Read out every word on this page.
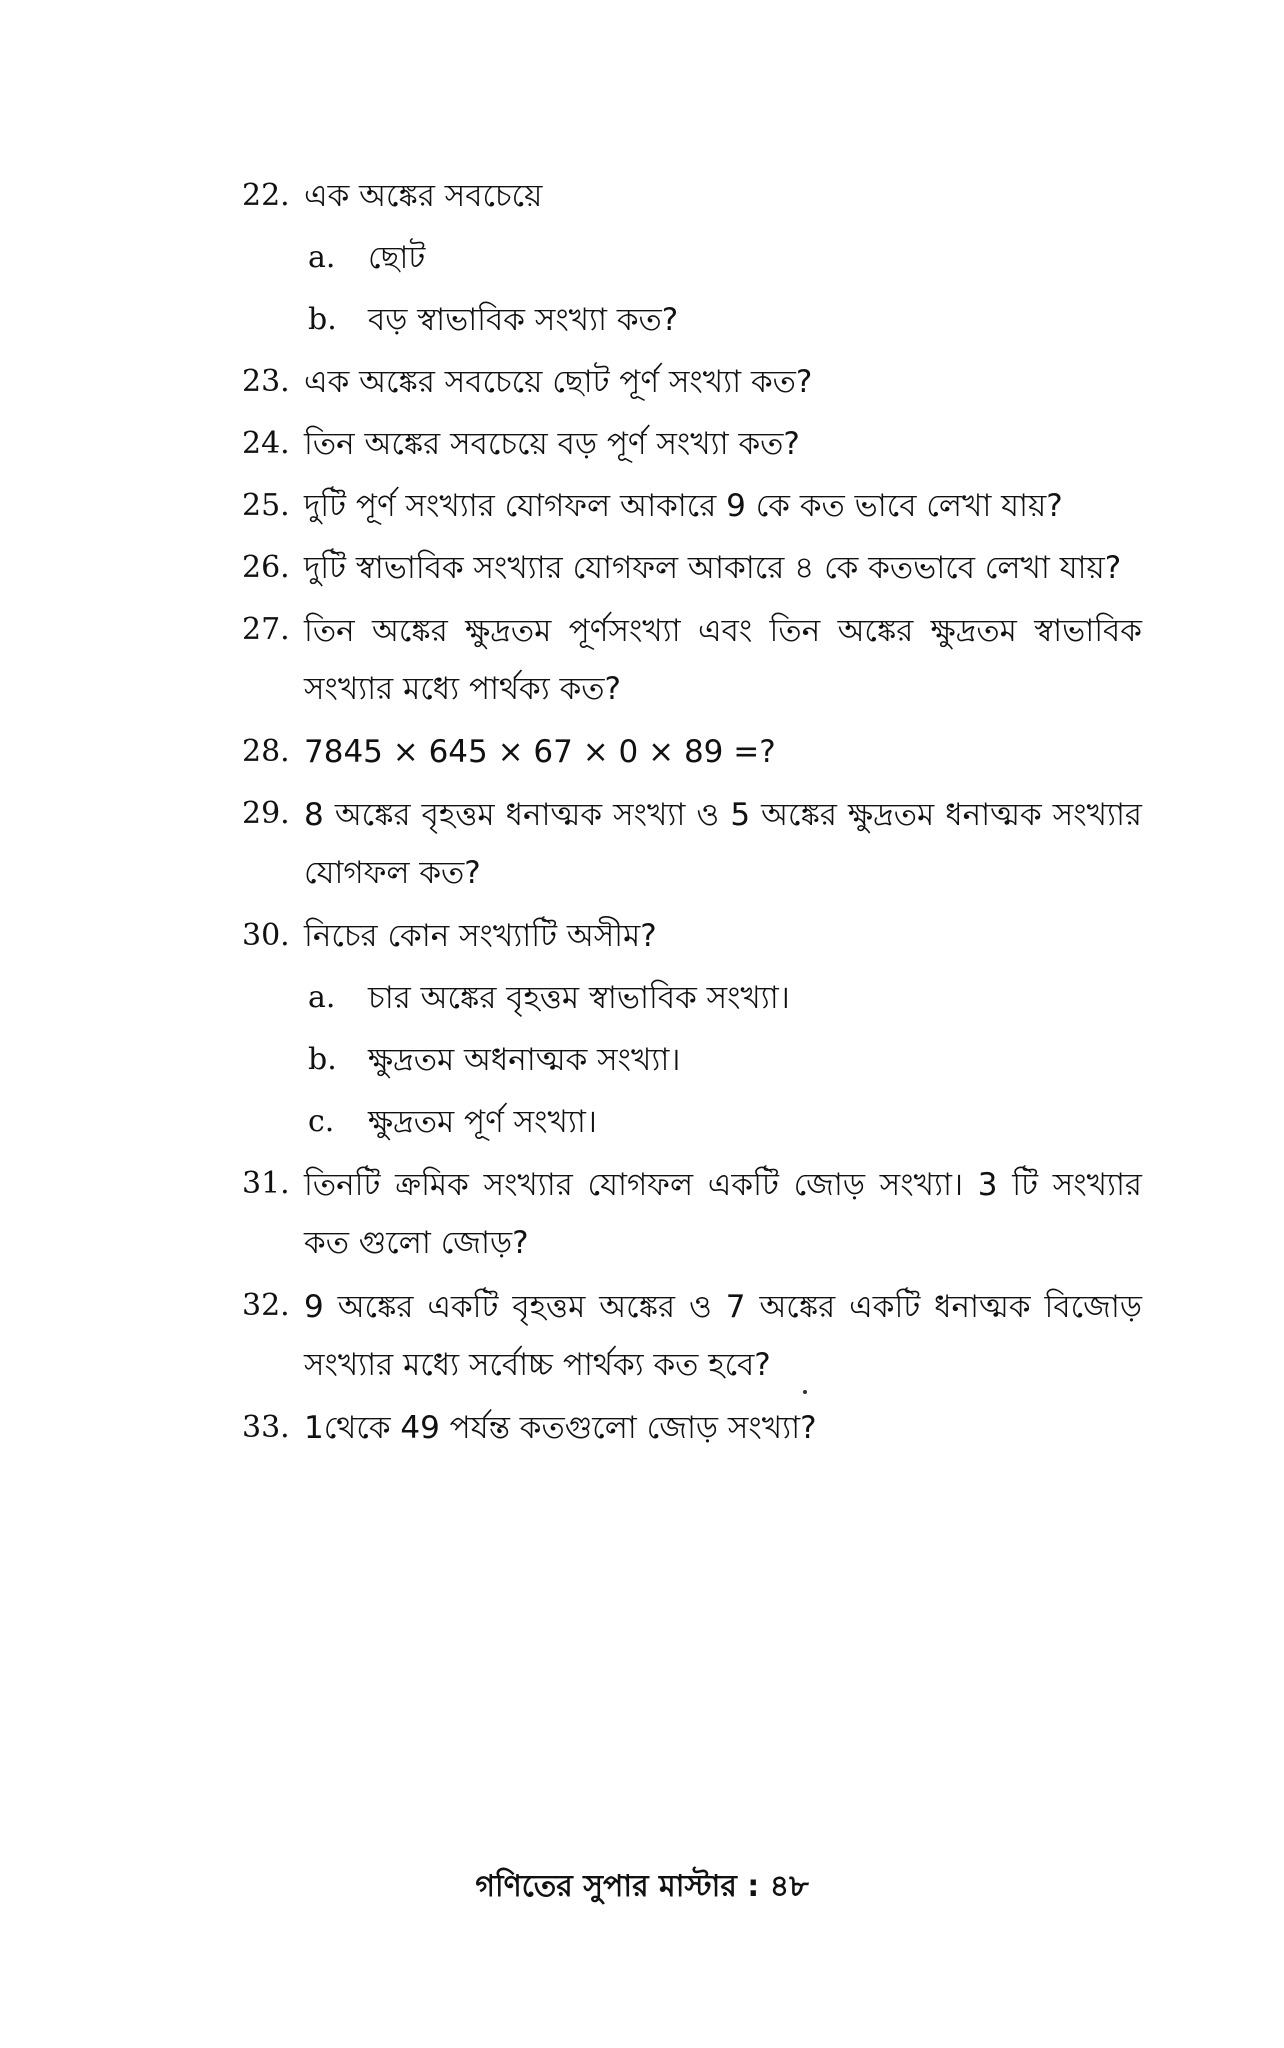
22. এক অঙ্কের সবচেয়ে
a. ছোট
b. বড় স্বাভাবিক সংখ্যা কত?
23. এক অঙ্কের সবচেয়ে ছোট পূর্ণ সংখ্যা কত?
24. তিন অঙ্কের সবচেয়ে বড় পূর্ণ সংখ্যা কত?
25. দুটি পূর্ণ সংখ্যার যোগফল আকারে 9 কে কত ভাবে লেখা যায়?
26. দুটি স্বাভাবিক সংখ্যার যোগফল আকারে ৪ কে কতভাবে লেখা যায়?
27. তিন অঙ্কের ক্ষুদ্রতম পূর্ণসংখ্যা এবং তিন অঙ্কের ক্ষুদ্রতম স্বাভাবিক সংখ্যার মধ্যে পার্থক্য কত?
28. 7845 × 645 × 67 × 0 × 89 =?
29. 8 অঙ্কের বৃহত্তম ধনাত্মক সংখ্যা ও 5 অঙ্কের ক্ষুদ্রতম ধনাত্মক সংখ্যার যোগফল কত?
30. নিচের কোন সংখ্যাটি অসীম?
a. চার অঙ্কের বৃহত্তম স্বাভাবিক সংখ্যা।
b. ক্ষুদ্রতম অধনাত্মক সংখ্যা।
c. ক্ষুদ্রতম পূর্ণ সংখ্যা।
31. তিনটি ক্রমিক সংখ্যার যোগফল একটি জোড় সংখ্যা। 3 টি সংখ্যার কত গুলো জোড়?
32. 9 অঙ্কের একটি বৃহত্তম অঙ্কের ও 7 অঙ্কের একটি ধনাত্মক বিজোড় সংখ্যার মধ্যে সর্বোচ্চ পার্থক্য কত হবে?
33. 1থেকে 49 পর্যন্ত কতগুলো জোড় সংখ্যা?
গণিতের সুপার মাস্টার : ৪৮
